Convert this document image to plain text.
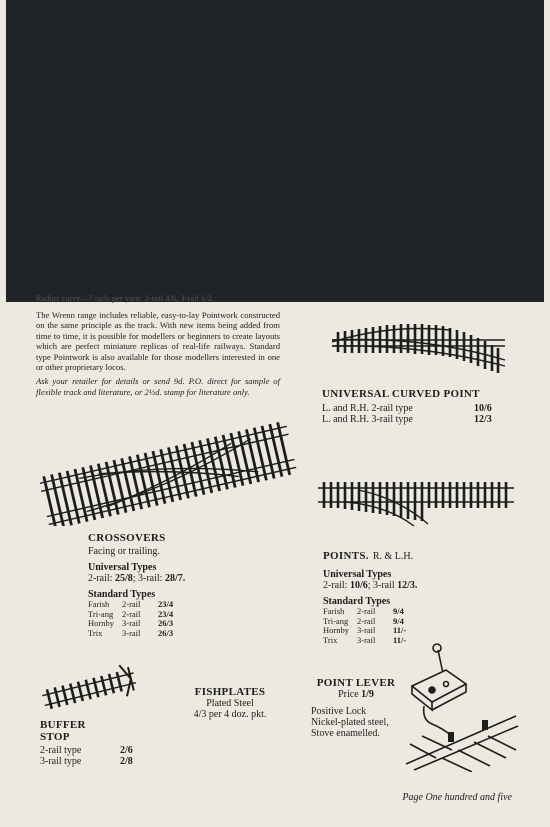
Radius curve—7 rails per yard: 2-rail 4/6, 3-rail 6/2.

The Wrenn range includes reliable, easy-to-lay Pointwork constructed on the same principle as the track. With new items being added from time to time, it is possible for modellers or beginners to create layouts which are perfect miniature replicas of real-life railways. Standard type Pointwork is also available for those modellers interested in one or other proprietary locos.

Ask your retailer for details or send 9d. P.O. direct for sample of flexible track and literature, or 2½d. stamp for literature only.	UNIVERSAL CURVED POINT
L. and R.H. 2-rail type	10/6
L. and R.H. 3-rail type	12/3
CROSSOVERS
Facing or trailing.
Universal Types
2-rail: 25/8; 3-rail: 28/7.
Standard Types
Farish	2-rail	23/4
Tri-ang	2-rail	23/4
Hornby	3-rail	26/3
Trix	3-rail	26/3
POINTS. R. & L.H.
Universal Types
2-rail: 10/6; 3-rail 12/3.
Standard Types
Farish	2-rail	9/4
Tri-ang	2-rail	9/4
Hornby	3-rail	11/-
Trix	3-rail	11/-
BUFFER
STOP
2-rail type	2/6
3-rail type	2/8
FISHPLATES
Plated Steel
4/3 per 4 doz. pkt.
POINT LEVER
Price 1/9
Positive Lock
Nickel-plated steel,
Stove enamelled.
Page One hundred and five
